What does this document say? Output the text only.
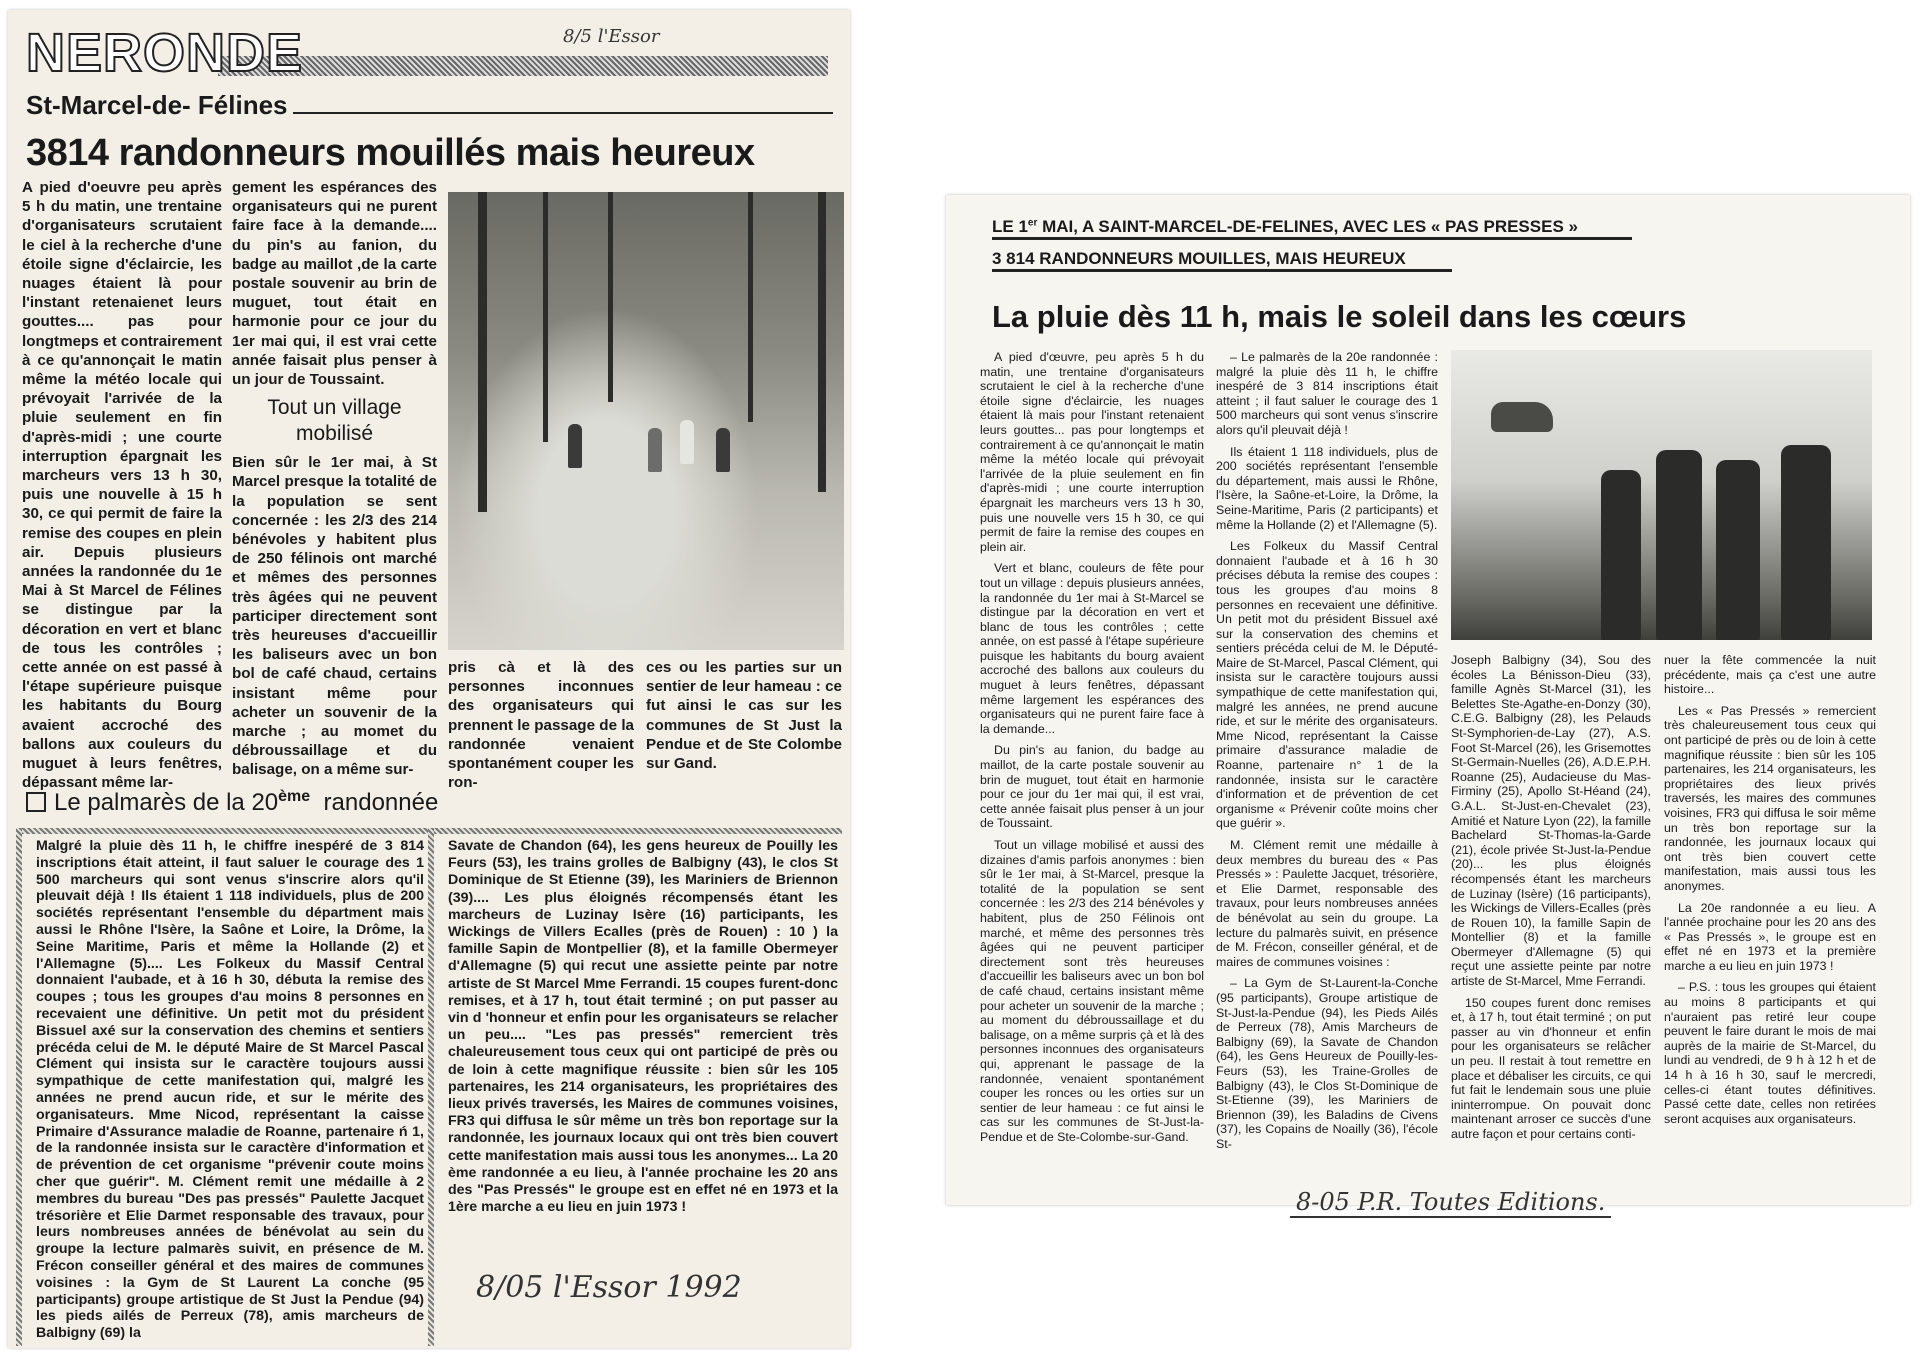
NERONDE	8/5 l'Essor
St-Marcel-de- Félines
3814 randonneurs mouillés mais heureux

A pied d'oeuvre peu après 5 h du matin, une trentaine d'organisateurs scrutaient le ciel à la recherche d'une étoile signe d'éclaircie, les nuages étaient là pour l'instant retenaienet leurs gouttes.... pas pour longtmeps et contrairement à ce qu'annonçait le matin même la météo locale qui prévoyait l'arrivée de la pluie seulement en fin d'après-midi ; une courte interruption épargnait les marcheurs vers 13 h 30, puis une nouvelle à 15 h 30, ce qui permit de faire la remise des coupes en plein air. Depuis plusieurs années la randonnée du 1e Mai à St Marcel de Félines se distingue par la décoration en vert et blanc de tous les contrôles ; cette année on est passé à l'étape supérieure puisque les habitants du Bourg avaient accroché des ballons aux couleurs du muguet à leurs fenêtres, dépassant même lar-

gement les espérances des organisateurs qui ne purent faire face à la demande.... du pin's au fanion, du badge au maillot ,de la carte postale souvenir au brin de muguet, tout était en harmonie pour ce jour du 1er mai qui, il est vrai cette année faisait plus penser à un jour de Toussaint.

Tout un village mobilisé

Bien sûr le 1er mai, à St Marcel presque la totalité de la population se sent concernée : les 2/3 des 214 bénévoles y habitent plus de 250 félinois ont marché et mêmes des personnes très âgées qui ne peuvent participer directement sont très heureuses d'accueillir les baliseurs avec un bon bol de café chaud, certains insistant même pour acheter un souvenir de la marche ; au momet du débroussaillage et du balisage, on a même sur-

pris cà et là des personnes inconnues des organisateurs qui prennent le passage de la randonnée venaient spontanément couper les ron-

ces ou les parties sur un sentier de leur hameau : ce fut ainsi le cas sur les communes de St Just la Pendue et de Ste Colombe sur Gand.

Le palmarès de la 20ème randonnée

Malgré la pluie dès 11 h, le chiffre inespéré de 3 814 inscriptions était atteint, il faut saluer le courage des 1 500 marcheurs qui sont venus s'inscrire alors qu'il pleuvait déjà ! Ils étaient 1 118 individuels, plus de 200 sociétés représentant l'ensemble du départment mais aussi le Rhône l'Isère, la Saône et Loire, la Drôme, la Seine Maritime, Paris et même la Hollande (2) et l'Allemagne (5).... Les Folkeux du Massif Central donnaient l'aubade, et à 16 h 30, débuta la remise des coupes ; tous les groupes d'au moins 8 personnes en recevaient une définitive. Un petit mot du président Bissuel axé sur la conservation des chemins et sentiers précéda celui de M. le député Maire de St Marcel Pascal Clément qui insista sur le caractère toujours aussi sympathique de cette manifestation qui, malgré les années ne prend aucun ride, et sur le mérite des organisateurs. Mme Nicod, représentant la caisse Primaire d'Assurance maladie de Roanne, partenaire ń 1, de la randonnée insista sur le caractère d'information et de prévention de cet organisme "prévenir coute moins cher que guérir". M. Clément remit une médaille à 2 membres du bureau "Des pas pressés" Paulette Jacquet trésorière et Elie Darmet responsable des travaux, pour leurs nombreuses années de bénévolat au sein du groupe la lecture palmarès suivit, en présence de M. Frécon conseiller général et des maires de communes voisines : la Gym de St Laurent La conche (95 participants) groupe artistique de St Just la Pendue (94) les pieds ailés de Perreux (78), amis marcheurs de Balbigny (69) la

Savate de Chandon (64), les gens heureux de Pouilly les Feurs (53), les trains grolles de Balbigny (43), le clos St Dominique de St Etienne (39), les Mariniers de Briennon (39).... Les plus éloignés récompensés étant les marcheurs de Luzinay Isère (16) participants, les Wickings de Villers Ecalles (près de Rouen) : 10 ) la famille Sapin de Montpellier (8), et la famille Obermeyer d'Allemagne (5) qui recut une assiette peinte par notre artiste de St Marcel Mme Ferrandi. 15 coupes furent-donc remises, et à 17 h, tout était terminé ; on put passer au vin d 'honneur et enfin pour les organisateurs se relacher un peu.... "Les pas pressés" remercient très chaleureusement tous ceux qui ont participé de près ou de loin à cette magnifique réussite : bien sûr les 105 partenaires, les 214 organisateurs, les propriétaires des lieux privés traversés, les Maires de communes voisines, FR3 qui diffusa le sûr même un très bon reportage sur la randonnée, les journaux locaux qui ont très bien couvert cette manifestation mais aussi tous les anonymes... La 20 ème randonnée a eu lieu, à l'année prochaine les 20 ans des "Pas Pressés" le groupe est en effet né en 1973 et la 1ère marche a eu lieu en juin 1973 !

8/05 l'Essor 1992
LE 1er MAI, A SAINT-MARCEL-DE-FELINES, AVEC LES « PAS PRESSES »
3 814 RANDONNEURS MOUILLES, MAIS HEUREUX
La pluie dès 11 h, mais le soleil dans les cœurs

A pied d'œuvre, peu après 5 h du matin, une trentaine d'organisateurs scrutaient le ciel à la recherche d'une étoile signe d'éclaircie, les nuages étaient là mais pour l'instant retenaient leurs gouttes... pas pour longtemps et contrairement à ce qu'annonçait le matin même la météo locale qui prévoyait l'arrivée de la pluie seulement en fin d'après-midi ; une courte interruption épargnait les marcheurs vers 13 h 30, puis une nouvelle vers 15 h 30, ce qui permit de faire la remise des coupes en plein air.

Vert et blanc, couleurs de fête pour tout un village : depuis plusieurs années, la randonnée du 1er mai à St-Marcel se distingue par la décoration en vert et blanc de tous les contrôles ; cette année, on est passé à l'étape supérieure puisque les habitants du bourg avaient accroché des ballons aux couleurs du muguet à leurs fenêtres, dépassant même largement les espérances des organisateurs qui ne purent faire face à la demande...

Du pin's au fanion, du badge au maillot, de la carte postale souvenir au brin de muguet, tout était en harmonie pour ce jour du 1er mai qui, il est vrai, cette année faisait plus penser à un jour de Toussaint.

Tout un village mobilisé et aussi des dizaines d'amis parfois anonymes : bien sûr le 1er mai, à St-Marcel, presque la totalité de la population se sent concernée : les 2/3 des 214 bénévoles y habitent, plus de 250 Félinois ont marché, et même des personnes très âgées qui ne peuvent participer directement sont très heureuses d'accueillir les baliseurs avec un bon bol de café chaud, certains insistant même pour acheter un souvenir de la marche ; au moment du débroussaillage et du balisage, on a même surpris çà et là des personnes inconnues des organisateurs qui, apprenant le passage de la randonnée, venaient spontanément couper les ronces ou les orties sur un sentier de leur hameau : ce fut ainsi le cas sur les communes de St-Just-la-Pendue et de Ste-Colombe-sur-Gand.

– Le palmarès de la 20e randonnée : malgré la pluie dès 11 h, le chiffre inespéré de 3 814 inscriptions était atteint ; il faut saluer le courage des 1 500 marcheurs qui sont venus s'inscrire alors qu'il pleuvait déjà !

Ils étaient 1 118 individuels, plus de 200 sociétés représentant l'ensemble du département, mais aussi le Rhône, l'Isère, la Saône-et-Loire, la Drôme, la Seine-Maritime, Paris (2 participants) et même la Hollande (2) et l'Allemagne (5).

Les Folkeux du Massif Central donnaient l'aubade et à 16 h 30 précises débuta la remise des coupes : tous les groupes d'au moins 8 personnes en recevaient une définitive. Un petit mot du président Bissuel axé sur la conservation des chemins et sentiers précéda celui de M. le Député-Maire de St-Marcel, Pascal Clément, qui insista sur le caractère toujours aussi sympathique de cette manifestation qui, malgré les années, ne prend aucune ride, et sur le mérite des organisateurs. Mme Nicod, représentant la Caisse primaire d'assurance maladie de Roanne, partenaire n° 1 de la randonnée, insista sur le caractère d'information et de prévention de cet organisme « Prévenir coûte moins cher que guérir ».

M. Clément remit une médaille à deux membres du bureau des « Pas Pressés » : Paulette Jacquet, trésorière, et Elie Darmet, responsable des travaux, pour leurs nombreuses années de bénévolat au sein du groupe. La lecture du palmarès suivit, en présence de M. Frécon, conseiller général, et de maires de communes voisines :

– La Gym de St-Laurent-la-Conche (95 participants), Groupe artistique de St-Just-la-Pendue (94), les Pieds Ailés de Perreux (78), Amis Marcheurs de Balbigny (69), la Savate de Chandon (64), les Gens Heureux de Pouilly-les-Feurs (53), les Traine-Grolles de Balbigny (43), le Clos St-Dominique de St-Etienne (39), les Mariniers de Briennon (39), les Baladins de Civens (37), les Copains de Noailly (36), l'école St-

Joseph Balbigny (34), Sou des écoles La Bénisson-Dieu (33), famille Agnès St-Marcel (31), les Belettes Ste-Agathe-en-Donzy (30), C.E.G. Balbigny (28), les Pelauds St-Symphorien-de-Lay (27), A.S. Foot St-Marcel (26), les Grisemottes St-Germain-Nuelles (26), A.D.E.P.H. Roanne (25), Audacieuse du Mas-Firminy (25), Apollo St-Héand (24), G.A.L. St-Just-en-Chevalet (23), Amitié et Nature Lyon (22), la famille Bachelard St-Thomas-la-Garde (21), école privée St-Just-la-Pendue (20)... les plus éloignés récompensés étant les marcheurs de Luzinay (Isère) (16 participants), les Wickings de Villers-Ecalles (près de Rouen 10), la famille Sapin de Montellier (8) et la famille Obermeyer d'Allemagne (5) qui reçut une assiette peinte par notre artiste de St-Marcel, Mme Ferrandi.

150 coupes furent donc remises et, à 17 h, tout était terminé ; on put passer au vin d'honneur et enfin pour les organisateurs se relâcher un peu. Il restait à tout remettre en place et débaliser les circuits, ce qui fut fait le lendemain sous une pluie ininterrompue. On pouvait donc maintenant arroser ce succès d'une autre façon et pour certains conti-

nuer la fête commencée la nuit précédente, mais ça c'est une autre histoire...

Les « Pas Pressés » remercient très chaleureusement tous ceux qui ont participé de près ou de loin à cette magnifique réussite : bien sûr les 105 partenaires, les 214 organisateurs, les propriétaires des lieux privés traversés, les maires des communes voisines, FR3 qui diffusa le soir même un très bon reportage sur la randonnée, les journaux locaux qui ont très bien couvert cette manifestation, mais aussi tous les anonymes.

La 20e randonnée a eu lieu. A l'année prochaine pour les 20 ans des « Pas Pressés », le groupe est en effet né en 1973 et la première marche a eu lieu en juin 1973 !

– P.S. : tous les groupes qui étaient au moins 8 participants et qui n'auraient pas retiré leur coupe peuvent le faire durant le mois de mai auprès de la mairie de St-Marcel, du lundi au vendredi, de 9 h à 12 h et de 14 h à 16 h 30, sauf le mercredi, celles-ci étant toutes définitives. Passé cette date, celles non retirées seront acquises aux organisateurs.

8-05 P.R. Toutes Editions.
